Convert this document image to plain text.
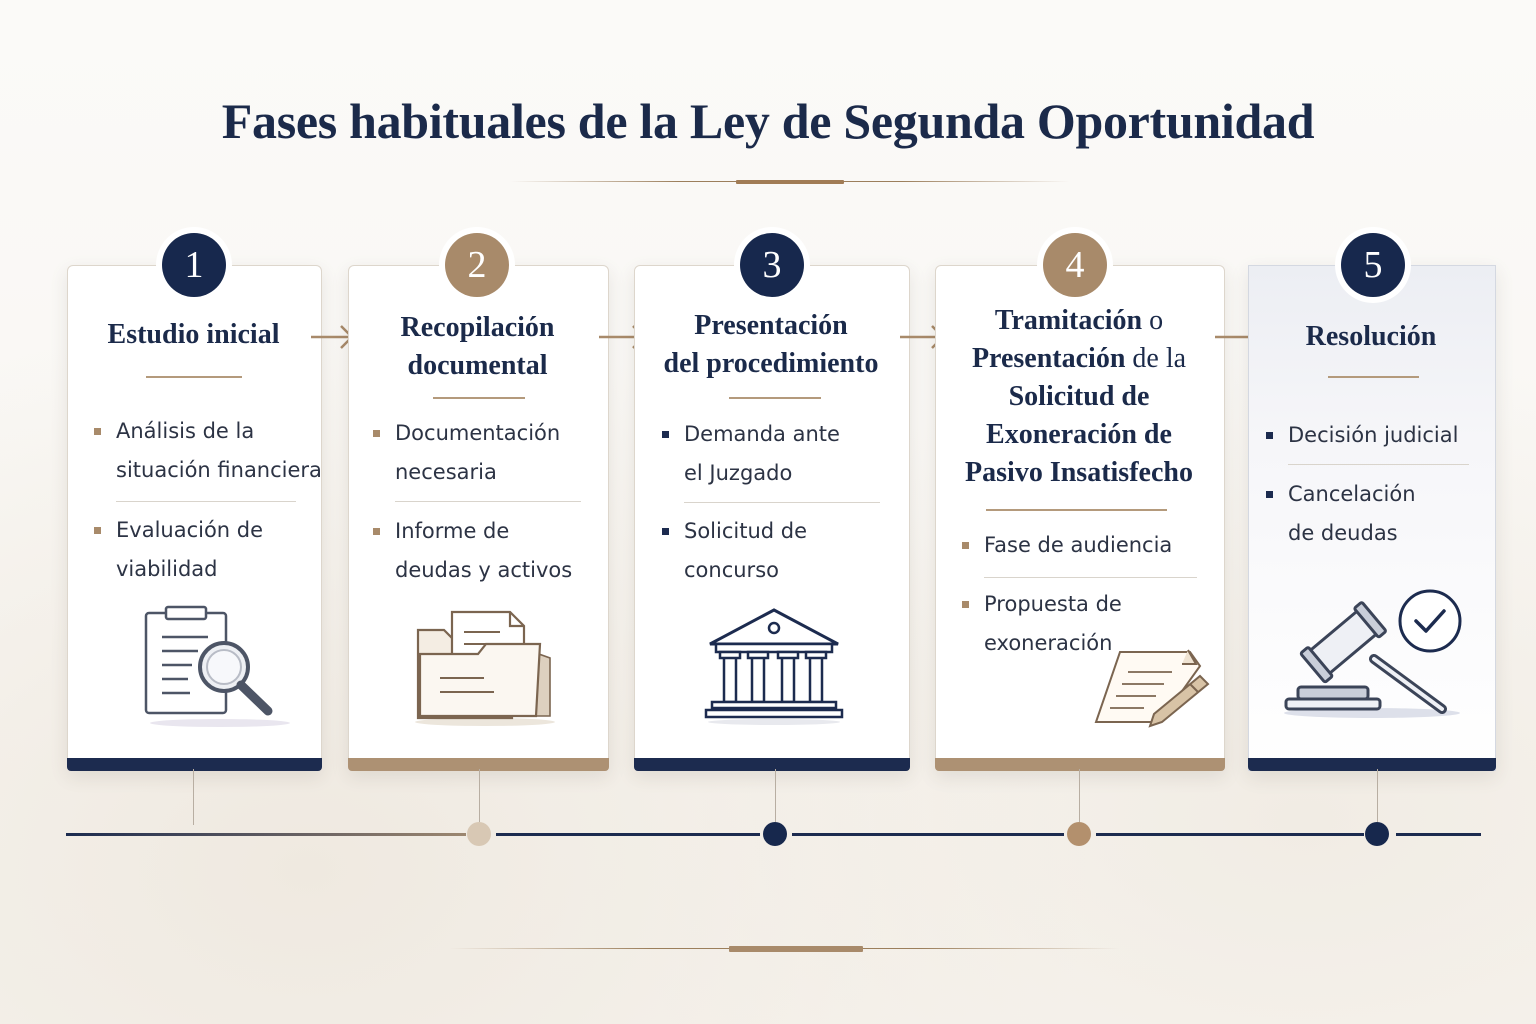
Fases habituales de la Ley de Segunda Oportunidad
1
Estudio inicial
Análisis de la
situación financiera
Evaluación de
viabilidad
2
Recopilación
documental
Documentación
necesaria
Informe de
deudas y activos
3
Presentación
del procedimiento
Demanda ante
el Juzgado
Solicitud de
concurso
4
Tramitación o
Presentación de la
Solicitud de
Exoneración de
Pasivo Insatisfecho
Fase de audiencia
Propuesta de
exoneración
5
Resolución
Decisión judicial
Cancelación
de deudas
